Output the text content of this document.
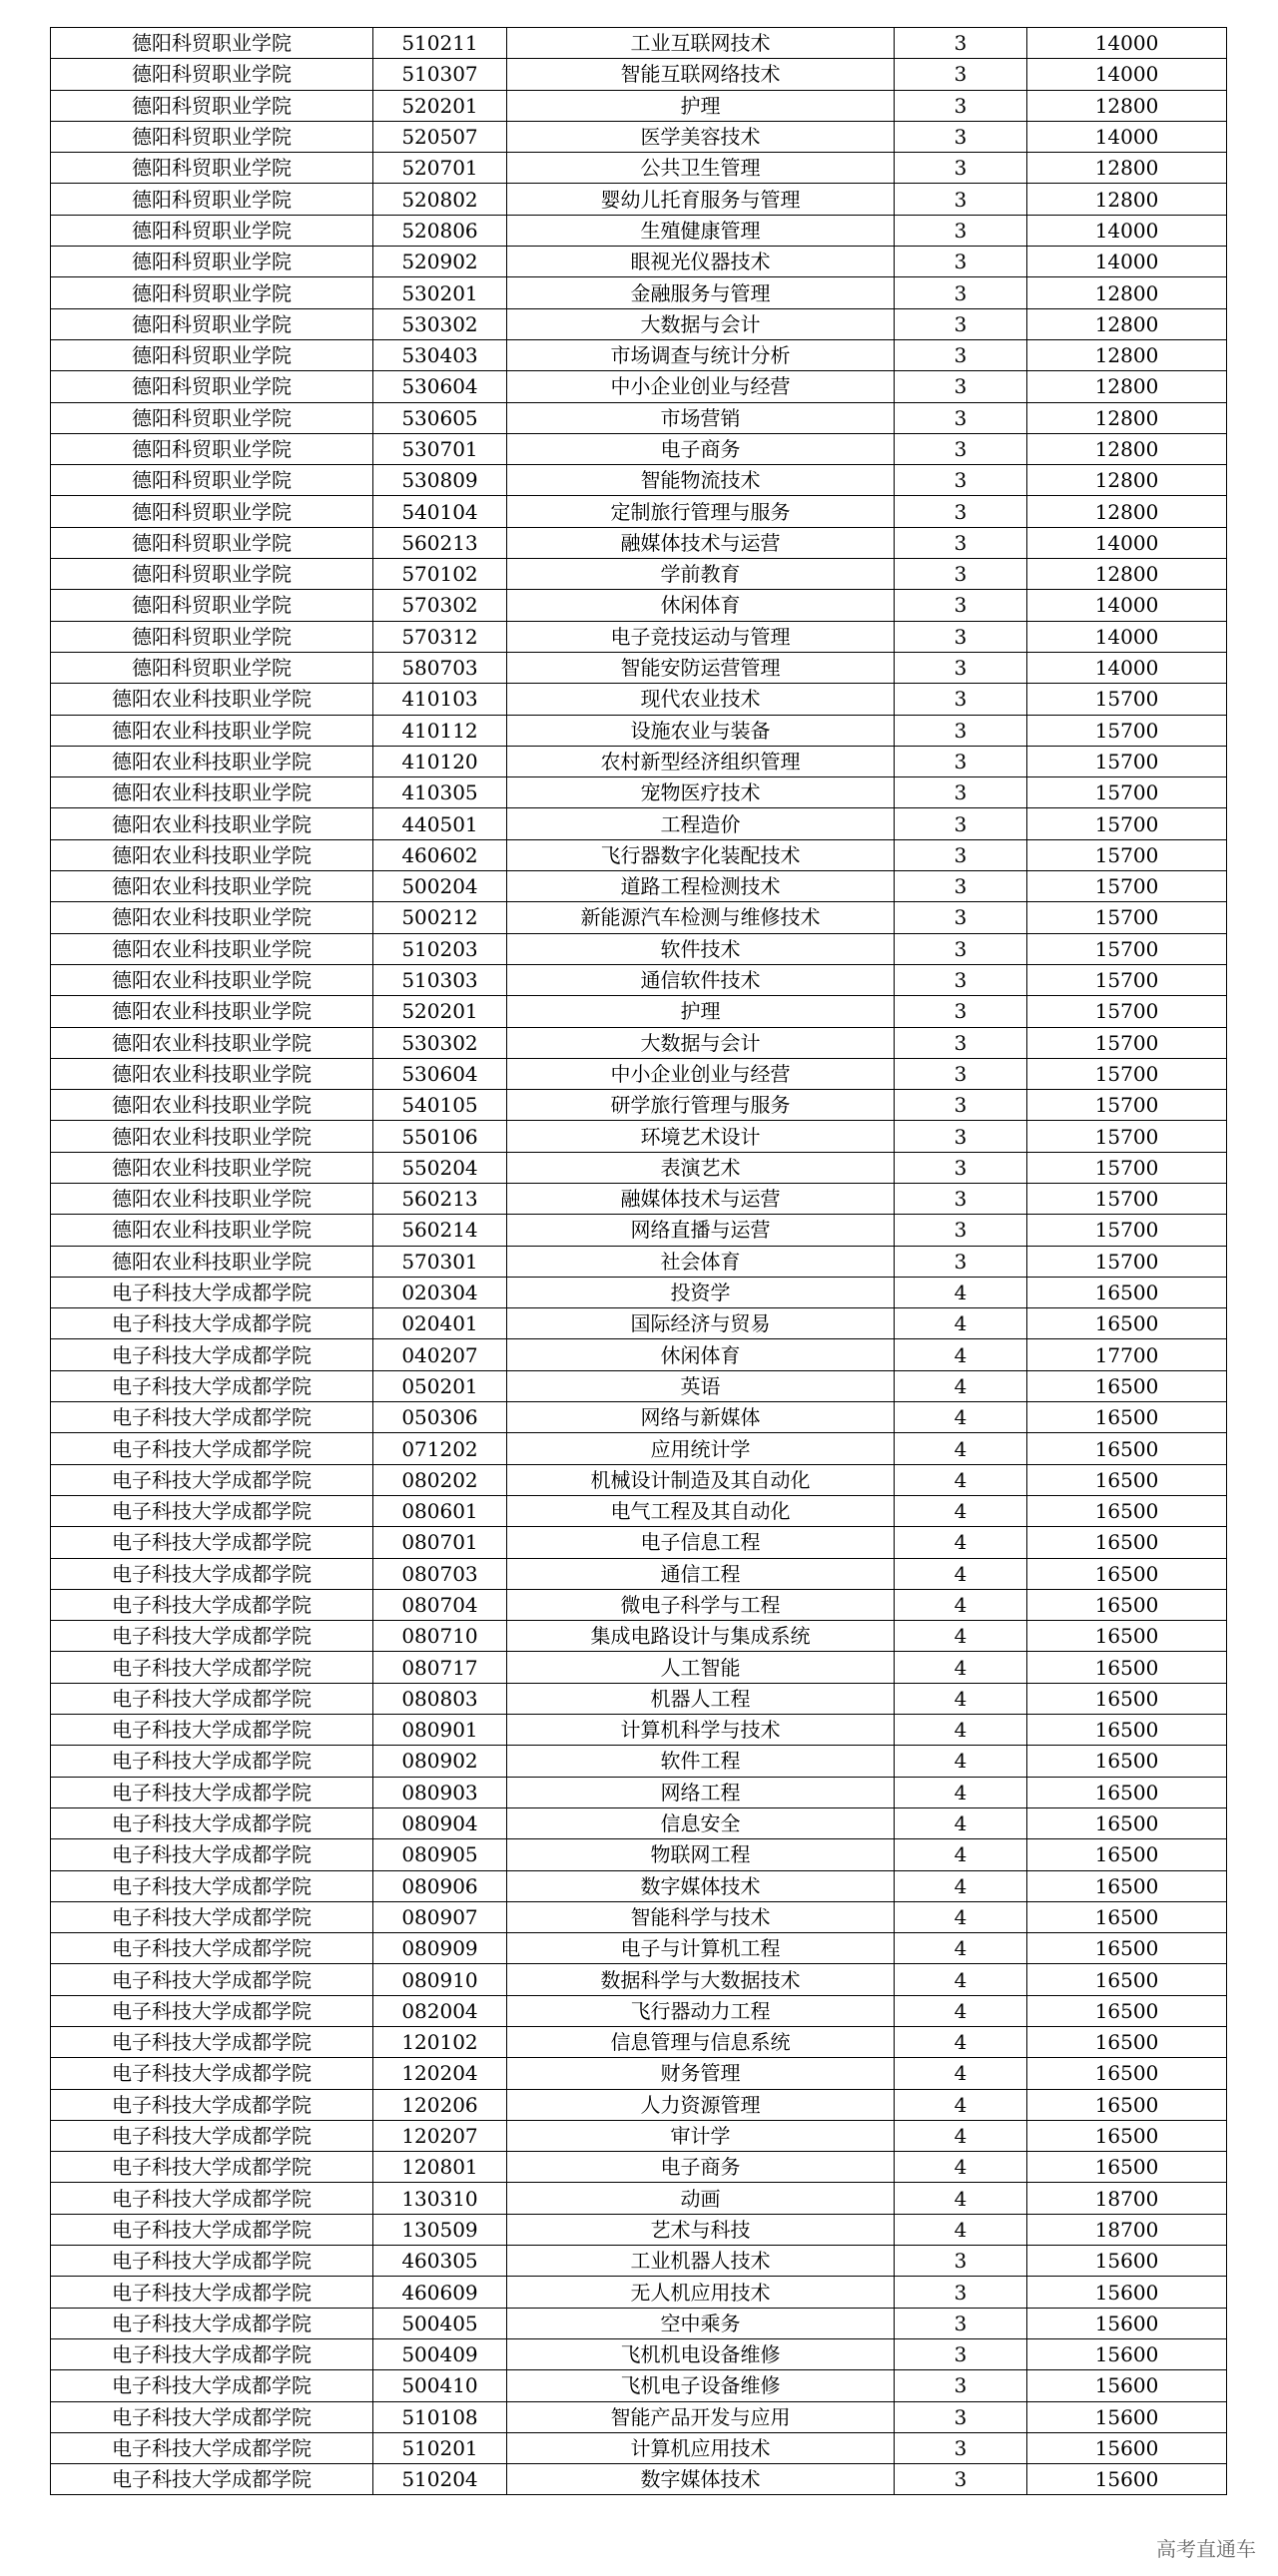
德阳科贸职业学院	510211	工业互联网技术	3	14000
德阳科贸职业学院	510307	智能互联网络技术	3	14000
德阳科贸职业学院	520201	护理	3	12800
德阳科贸职业学院	520507	医学美容技术	3	14000
德阳科贸职业学院	520701	公共卫生管理	3	12800
德阳科贸职业学院	520802	婴幼儿托育服务与管理	3	12800
德阳科贸职业学院	520806	生殖健康管理	3	14000
德阳科贸职业学院	520902	眼视光仪器技术	3	14000
德阳科贸职业学院	530201	金融服务与管理	3	12800
德阳科贸职业学院	530302	大数据与会计	3	12800
德阳科贸职业学院	530403	市场调查与统计分析	3	12800
德阳科贸职业学院	530604	中小企业创业与经营	3	12800
德阳科贸职业学院	530605	市场营销	3	12800
德阳科贸职业学院	530701	电子商务	3	12800
德阳科贸职业学院	530809	智能物流技术	3	12800
德阳科贸职业学院	540104	定制旅行管理与服务	3	12800
德阳科贸职业学院	560213	融媒体技术与运营	3	14000
德阳科贸职业学院	570102	学前教育	3	12800
德阳科贸职业学院	570302	休闲体育	3	14000
德阳科贸职业学院	570312	电子竞技运动与管理	3	14000
德阳科贸职业学院	580703	智能安防运营管理	3	14000
德阳农业科技职业学院	410103	现代农业技术	3	15700
德阳农业科技职业学院	410112	设施农业与装备	3	15700
德阳农业科技职业学院	410120	农村新型经济组织管理	3	15700
德阳农业科技职业学院	410305	宠物医疗技术	3	15700
德阳农业科技职业学院	440501	工程造价	3	15700
德阳农业科技职业学院	460602	飞行器数字化装配技术	3	15700
德阳农业科技职业学院	500204	道路工程检测技术	3	15700
德阳农业科技职业学院	500212	新能源汽车检测与维修技术	3	15700
德阳农业科技职业学院	510203	软件技术	3	15700
德阳农业科技职业学院	510303	通信软件技术	3	15700
德阳农业科技职业学院	520201	护理	3	15700
德阳农业科技职业学院	530302	大数据与会计	3	15700
德阳农业科技职业学院	530604	中小企业创业与经营	3	15700
德阳农业科技职业学院	540105	研学旅行管理与服务	3	15700
德阳农业科技职业学院	550106	环境艺术设计	3	15700
德阳农业科技职业学院	550204	表演艺术	3	15700
德阳农业科技职业学院	560213	融媒体技术与运营	3	15700
德阳农业科技职业学院	560214	网络直播与运营	3	15700
德阳农业科技职业学院	570301	社会体育	3	15700
电子科技大学成都学院	020304	投资学	4	16500
电子科技大学成都学院	020401	国际经济与贸易	4	16500
电子科技大学成都学院	040207	休闲体育	4	17700
电子科技大学成都学院	050201	英语	4	16500
电子科技大学成都学院	050306	网络与新媒体	4	16500
电子科技大学成都学院	071202	应用统计学	4	16500
电子科技大学成都学院	080202	机械设计制造及其自动化	4	16500
电子科技大学成都学院	080601	电气工程及其自动化	4	16500
电子科技大学成都学院	080701	电子信息工程	4	16500
电子科技大学成都学院	080703	通信工程	4	16500
电子科技大学成都学院	080704	微电子科学与工程	4	16500
电子科技大学成都学院	080710	集成电路设计与集成系统	4	16500
电子科技大学成都学院	080717	人工智能	4	16500
电子科技大学成都学院	080803	机器人工程	4	16500
电子科技大学成都学院	080901	计算机科学与技术	4	16500
电子科技大学成都学院	080902	软件工程	4	16500
电子科技大学成都学院	080903	网络工程	4	16500
电子科技大学成都学院	080904	信息安全	4	16500
电子科技大学成都学院	080905	物联网工程	4	16500
电子科技大学成都学院	080906	数字媒体技术	4	16500
电子科技大学成都学院	080907	智能科学与技术	4	16500
电子科技大学成都学院	080909	电子与计算机工程	4	16500
电子科技大学成都学院	080910	数据科学与大数据技术	4	16500
电子科技大学成都学院	082004	飞行器动力工程	4	16500
电子科技大学成都学院	120102	信息管理与信息系统	4	16500
电子科技大学成都学院	120204	财务管理	4	16500
电子科技大学成都学院	120206	人力资源管理	4	16500
电子科技大学成都学院	120207	审计学	4	16500
电子科技大学成都学院	120801	电子商务	4	16500
电子科技大学成都学院	130310	动画	4	18700
电子科技大学成都学院	130509	艺术与科技	4	18700
电子科技大学成都学院	460305	工业机器人技术	3	15600
电子科技大学成都学院	460609	无人机应用技术	3	15600
电子科技大学成都学院	500405	空中乘务	3	15600
电子科技大学成都学院	500409	飞机机电设备维修	3	15600
电子科技大学成都学院	500410	飞机电子设备维修	3	15600
电子科技大学成都学院	510108	智能产品开发与应用	3	15600
电子科技大学成都学院	510201	计算机应用技术	3	15600
电子科技大学成都学院	510204	数字媒体技术	3	15600
高考直通车
